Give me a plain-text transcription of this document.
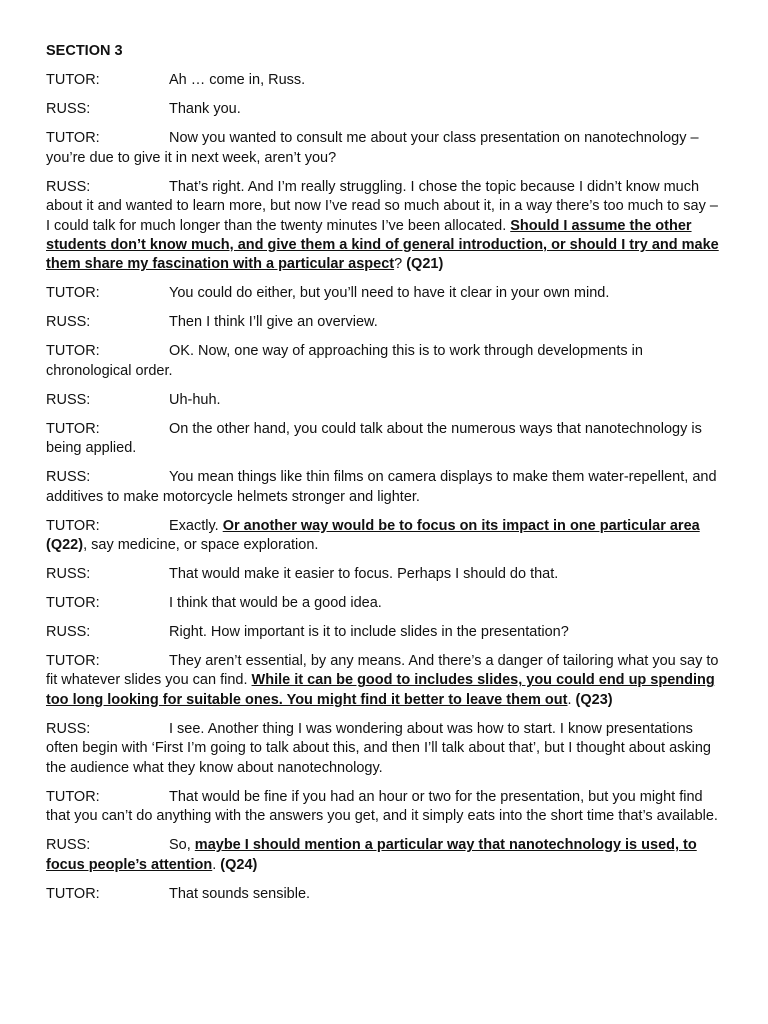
SECTION 3
TUTOR:	Ah … come in, Russ.
RUSS:	Thank you.
TUTOR:	Now you wanted to consult me about your class presentation on nanotechnology – you’re due to give it in next week, aren’t you?
RUSS:	That’s right. And I’m really struggling. I chose the topic because I didn’t know much about it and wanted to learn more, but now I’ve read so much about it, in a way there’s too much to say – I could talk for much longer than the twenty minutes I’ve been allocated. Should I assume the other students don’t know much, and give them a kind of general introduction, or should I try and make them share my fascination with a particular aspect? (Q21)
TUTOR:	You could do either, but you’ll need to have it clear in your own mind.
RUSS:	Then I think I’ll give an overview.
TUTOR:	OK. Now, one way of approaching this is to work through developments in chronological order.
RUSS:	Uh-huh.
TUTOR:	On the other hand, you could talk about the numerous ways that nanotechnology is being applied.
RUSS:	You mean things like thin films on camera displays to make them water-repellent, and additives to make motorcycle helmets stronger and lighter.
TUTOR:	Exactly. Or another way would be to focus on its impact in one particular area (Q22), say medicine, or space exploration.
RUSS:	That would make it easier to focus. Perhaps I should do that.
TUTOR:	I think that would be a good idea.
RUSS:	Right. How important is it to include slides in the presentation?
TUTOR:	They aren’t essential, by any means. And there’s a danger of tailoring what you say to fit whatever slides you can find. While it can be good to includes slides, you could end up spending too long looking for suitable ones. You might find it better to leave them out. (Q23)
RUSS:	I see. Another thing I was wondering about was how to start. I know presentations often begin with ‘First I’m going to talk about this, and then I’ll talk about that’, but I thought about asking the audience what they know about nanotechnology.
TUTOR:	That would be fine if you had an hour or two for the presentation, but you might find that you can’t do anything with the answers you get, and it simply eats into the short time that’s available.
RUSS:	So, maybe I should mention a particular way that nanotechnology is used, to focus people’s attention. (Q24)
TUTOR:	That sounds sensible.
